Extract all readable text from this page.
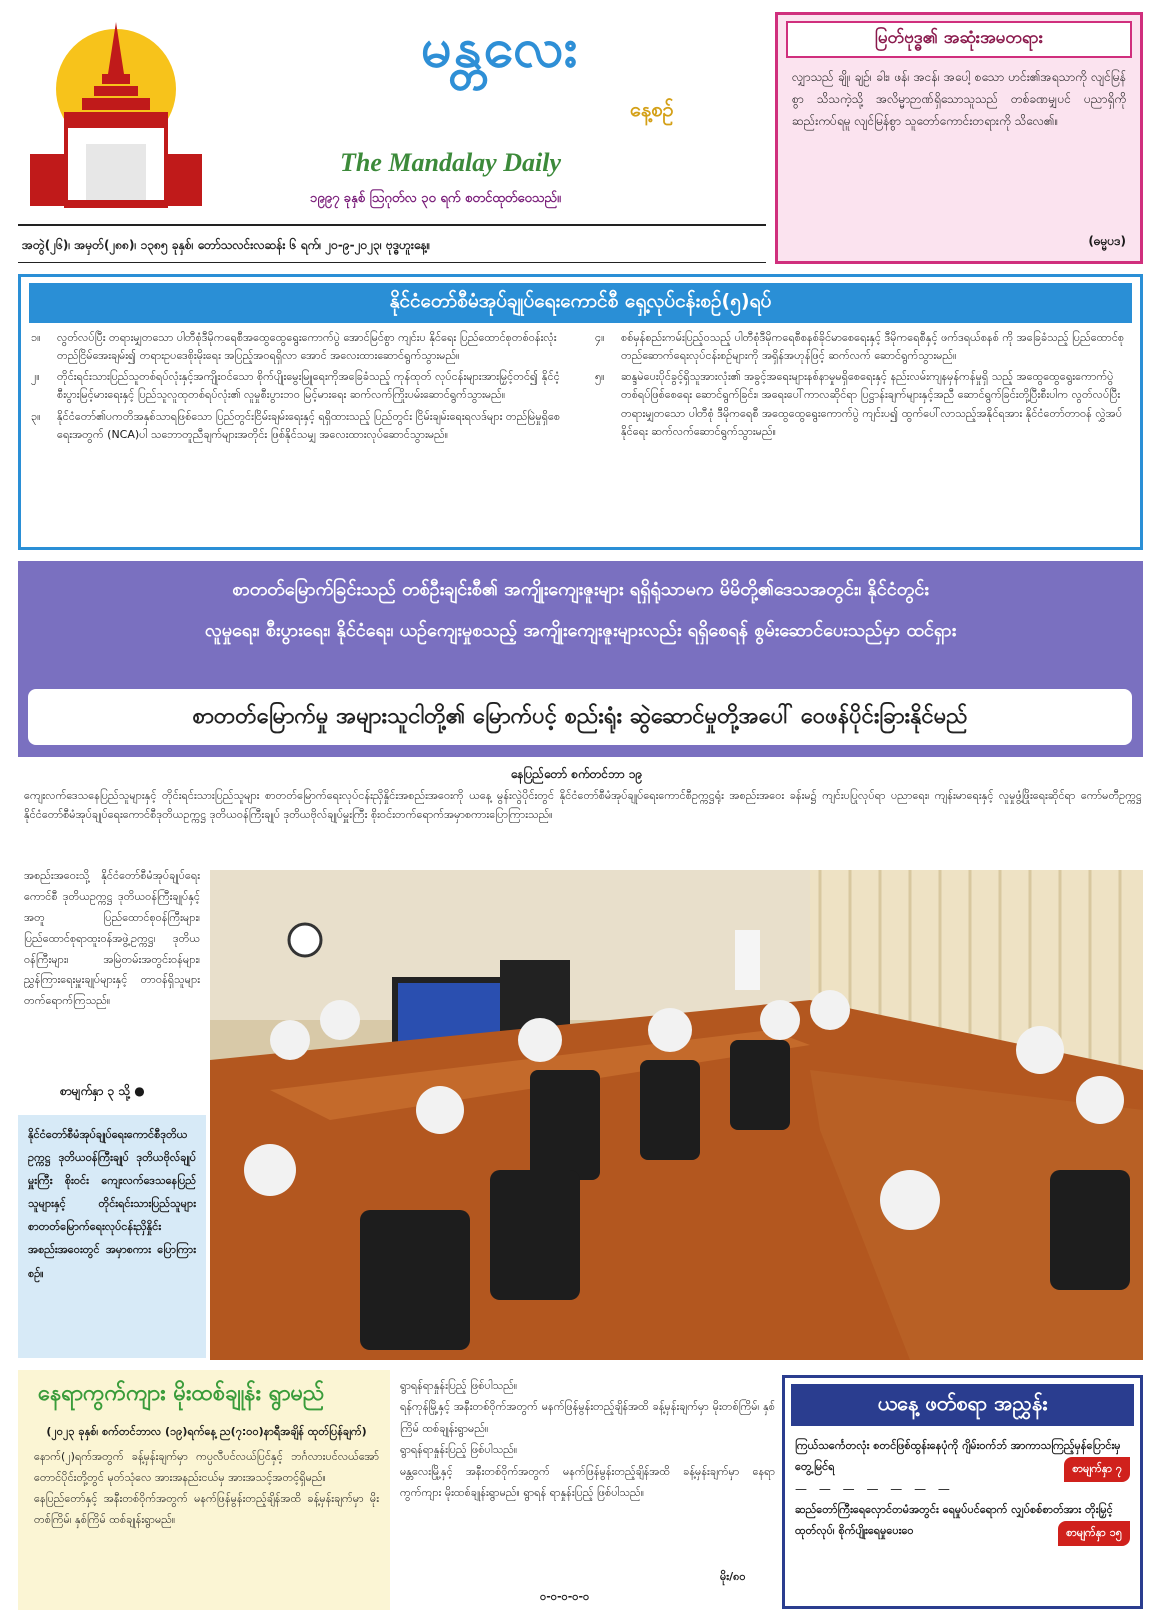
မန္တလေး
နေ့စဉ်
The Mandalay Daily
၁၉၉၇ ခုနှစ် ဩဂုတ်လ ၃၀ ရက် စတင်ထုတ်ဝေသည်။
အတွဲ(၂၆)၊ အမှတ်(၂၈၈)၊ ၁၃၈၅ ခုနှစ်၊ တော်သလင်းလဆန်း ၆ ရက်၊ ၂၀-၉-၂၀၂၃၊ ဗုဒ္ဓဟူးနေ့။
မြတ်ဗုဒ္ဓ၏ အဆုံးအမတရား
လျှာသည် ချို၊ ချဉ်၊ ခါး၊ ဖန်၊ အငန်၊ အပေါ့ စသော ဟင်း၏အရသာကို လျင်မြန်စွာ သိသကဲ့သို့ အလိမ္မာဉာဏ်ရှိသောသူသည် တစ်ခဏမျှပင် ပညာရှိကို ဆည်းကပ်ရမူ လျင်မြန်စွာ သူတော်ကောင်းတရားကို သိလေ၏။
(ဓမ္မပဒ)
နိုင်ငံတော်စီမံအုပ်ချုပ်ရေးကောင်စီ ရှေ့လုပ်ငန်းစဉ်(၅)ရပ်
၁။	လွတ်လပ်ပြီး တရားမျှတသော ပါတီစုံဒီမိုကရေစီအထွေထွေရွေးကောက်ပွဲ အောင်မြင်စွာ ကျင်းပ နိုင်ရေး ပြည်ထောင်စုတစ်ဝန်းလုံး တည်ငြိမ်အေးချမ်း၍ တရားဥပဒေစိုးမိုးရေး အပြည့်အဝရရှိလာ အောင် အလေးထားဆောင်ရွက်သွားမည်။
၂။	တိုင်းရင်းသားပြည်သူတစ်ရပ်လုံးနှင့်အကျိုးဝင်သော စိုက်ပျိုးမွေးမြူရေးကိုအခြေခံသည့် ကုန်ထုတ် လုပ်ငန်းများအားမြှင့်တင်၍ နိုင်ငံ့စီးပွားမြင့်မားရေးနှင့် ပြည်သူလူထုတစ်ရပ်လုံး၏ လူမှုစီးပွားဘဝ မြင့်မားရေး ဆက်လက်ကြိုးပမ်းဆောင်ရွက်သွားမည်။
၃။	နိုင်ငံတော်၏ပကတိအနှစ်သာရဖြစ်သော ပြည်တွင်းငြိမ်းချမ်းရေးနှင့် ရရှိထားသည့် ပြည်တွင်း ငြိမ်းချမ်းရေးရလဒ်များ တည်မြဲမှုရှိစေရေးအတွက် (NCA)ပါ သဘောတူညီချက်များအတိုင်း ဖြစ်နိုင်သမျှ အလေးထားလုပ်ဆောင်သွားမည်။
၄။	စစ်မှန်စည်းကမ်းပြည့်ဝသည့် ပါတီစုံဒီမိုကရေစီစနစ်ခိုင်မာစေရေးနှင့် ဒီမိုကရေစီနှင့် ဖက်ဒရယ်စနစ် ကို အခြေခံသည့် ပြည်ထောင်စုတည်ဆောက်ရေးလုပ်ငန်းစဉ်များကို အရှိန်အဟုန်ဖြင့် ဆက်လက် ဆောင်ရွက်သွားမည်။
၅။	ဆန္ဒမဲပေးပိုင်ခွင့်ရှိသူအားလုံး၏ အခွင့်အရေးများနစ်နာမှုမရှိစေရေးနှင့် နည်းလမ်းကျနမှန်ကန်မှုရှိ သည့် အထွေထွေရွေးကောက်ပွဲတစ်ရပ်ဖြစ်စေရေး ဆောင်ရွက်ခြင်း၊ အရေးပေါ်ကာလဆိုင်ရာ ပြဋ္ဌာန်းချက်များနှင့်အညီ ဆောင်ရွက်ခြင်းတို့ပြီးစီးပါက လွတ်လပ်ပြီး တရားမျှတသော ပါတီစုံ ဒီမိုကရေစီ အထွေထွေရွေးကောက်ပွဲ ကျင်းပ၍ ထွက်ပေါ်လာသည့်အနိုင်ရအား နိုင်ငံတော်တာဝန် လွှဲအပ်နိုင်ရေး ဆက်လက်ဆောင်ရွက်သွားမည်။
စာတတ်မြောက်ခြင်းသည် တစ်ဦးချင်းစီ၏ အကျိုးကျေးဇူးများ ရရှိရုံသာမက မိမိတို့၏ဒေသအတွင်း၊ နိုင်ငံတွင်း
လူမှုရေး၊ စီးပွားရေး၊ နိုင်ငံရေး၊ ယဉ်ကျေးမှုစသည့် အကျိုးကျေးဇူးများလည်း ရရှိစေရန် စွမ်းဆောင်ပေးသည်မှာ ထင်ရှား
စာတတ်မြောက်မှု အများသူငါတို့၏ မြောက်ပင့် စည်းရုံး ဆွဲဆောင်မှုတို့အပေါ် ဝေဖန်ပိုင်းခြားနိုင်မည်
နေပြည်တော် စက်တင်ဘာ ၁၉
ကျေးလက်ဒေသနေပြည်သူများနှင့် တိုင်းရင်းသားပြည်သူများ စာတတ်မြောက်ရေးလုပ်ငန်းညှိနှိုင်းအစည်းအဝေးကို ယနေ့ မွန်းလွဲပိုင်းတွင် နိုင်ငံတော်စီမံအုပ်ချုပ်ရေးကောင်စီဥက္ကဋ္ဌရုံး အစည်းအဝေး ခန်းမ၌ ကျင်းပပြုလုပ်ရာ ပညာရေး၊ ကျန်းမာရေးနှင့် လူမှုဖွံ့ဖြိုးရေးဆိုင်ရာ ကော်မတီဥက္ကဋ္ဌ နိုင်ငံတော်စီမံအုပ်ချုပ်ရေးကောင်စီဒုတိယဥက္ကဋ္ဌ ဒုတိယဝန်ကြီးချုပ် ဒုတိယဗိုလ်ချုပ်မှူးကြီး စိုးဝင်းတက်ရောက်အမှာစကားပြောကြားသည်။
အစည်းအဝေးသို့ နိုင်ငံတော်စီမံအုပ်ချုပ်ရေးကောင်စီ ဒုတိယဥက္ကဋ္ဌ ဒုတိယဝန်ကြီးချုပ်နှင့်အတူ ပြည်ထောင်စုဝန်ကြီးများ၊ ပြည်ထောင်စုရာထူးဝန်အဖွဲ့ဥက္ကဋ္ဌ၊ ဒုတိယဝန်ကြီးများ၊ အမြဲတမ်းအတွင်းဝန်များ၊ ညွှန်ကြားရေးမှူးချုပ်များနှင့် တာဝန်ရှိသူများ တက်ရောက်ကြသည်။
စာမျက်နှာ ၃ သို့ ●
နိုင်ငံတော်စီမံအုပ်ချုပ်ရေးကောင်စီဒုတိယဥက္ကဋ္ဌ ဒုတိယဝန်ကြီးချုပ် ဒုတိယဗိုလ်ချုပ်မှူးကြီး စိုးဝင်း ကျေးလက်ဒေသနေပြည်သူများနှင့် တိုင်းရင်းသားပြည်သူများ စာတတ်မြောက်ရေးလုပ်ငန်းညှိနှိုင်းအစည်းအဝေးတွင် အမှာစကား ပြောကြားစဉ်။
နေရာကွက်ကျား မိုးထစ်ချုန်း ရွာမည်
(၂၀၂၃ ခုနှစ်၊ စက်တင်ဘာလ (၁၉)ရက်နေ့ ည(၇:၀၀)နာရီအချိန် ထုတ်ပြန်ချက်)
နောက်(၂)ရက်အတွက် ခန့်မှန်းချက်မှာ ကပ္ပလီပင်လယ်ပြင်နှင့် ဘင်္ဂလားပင်လယ်အော်တောင်ပိုင်းတို့တွင် မုတ်သုံလေ အားအနည်းငယ်မှ အားအသင့်အတင့်ရှိမည်။
နေပြည်တော်နှင့် အနီးတစ်ဝိုက်အတွက် မနက်ဖြန်မွန်းတည့်ချိန်အထိ ခန့်မှန်းချက်မှာ မိုးတစ်ကြိမ်၊ နှစ်ကြိမ် ထစ်ချုန်းရွာမည်။
ရွာရန်ရာနှုန်းပြည့် ဖြစ်ပါသည်။
ရန်ကုန်မြို့နှင့် အနီးတစ်ဝိုက်အတွက် မနက်ဖြန်မွန်းတည့်ချိန်အထိ ခန့်မှန်းချက်မှာ မိုးတစ်ကြိမ်၊ နှစ်ကြိမ် ထစ်ချုန်းရွာမည်။
ရွာရန်ရာနှုန်းပြည့် ဖြစ်ပါသည်။
မန္တလေးမြို့နှင့် အနီးတစ်ဝိုက်အတွက် မနက်ဖြန်မွန်းတည့်ချိန်အထိ ခန့်မှန်းချက်မှာ နေရာကွက်ကျား မိုးထစ်ချုန်းရွာမည်။ ရွာရန် ရာနှုန်းပြည့် ဖြစ်ပါသည်။
မိုး/၈၀
၀-၀-၀-၀-၀
ယနေ့ ဖတ်စရာ အညွှန်း
ကြယ်သင်္ကေတလုံး စတင်ဖြစ်ထွန်းနေပုံကို ဂျိမ်းဝက်ဘ် အာကာသကြည့်မှန်ပြောင်းမှ တွေ့မြင်ရ	စာမျက်နှာ ၇
— — — — — — —
ဆည်တော်ကြီးရေလှောင်တမံအတွင်း ရေမှုပ်ပင်ရောက် လျှပ်စစ်စာတ်အား တိုးမြှင့်ထုတ်လုပ်၊ စိုက်ပျိုးရေမှုပေးဝေ	စာမျက်နှာ ၁၅
